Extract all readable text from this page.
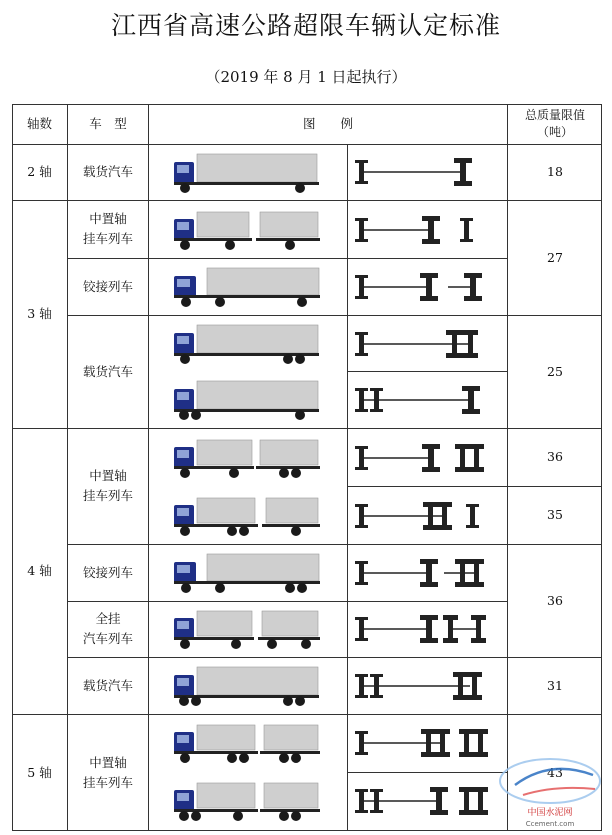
江西省高速公路超限车辆认定标准
（2019 年 8 月 1 日起执行）
轴数	车　型	图　　例
总质量限值
（吨）
2 轴
3 轴
4 轴
5 轴
载货汽车
中置轴
挂车列车
铰接列车
载货汽车
中置轴
挂车列车
铰接列车
全挂
汽车列车
载货汽车
中置轴
挂车列车
18
27
25
36
35
36
31
43
中国水泥网
Ccement.com
